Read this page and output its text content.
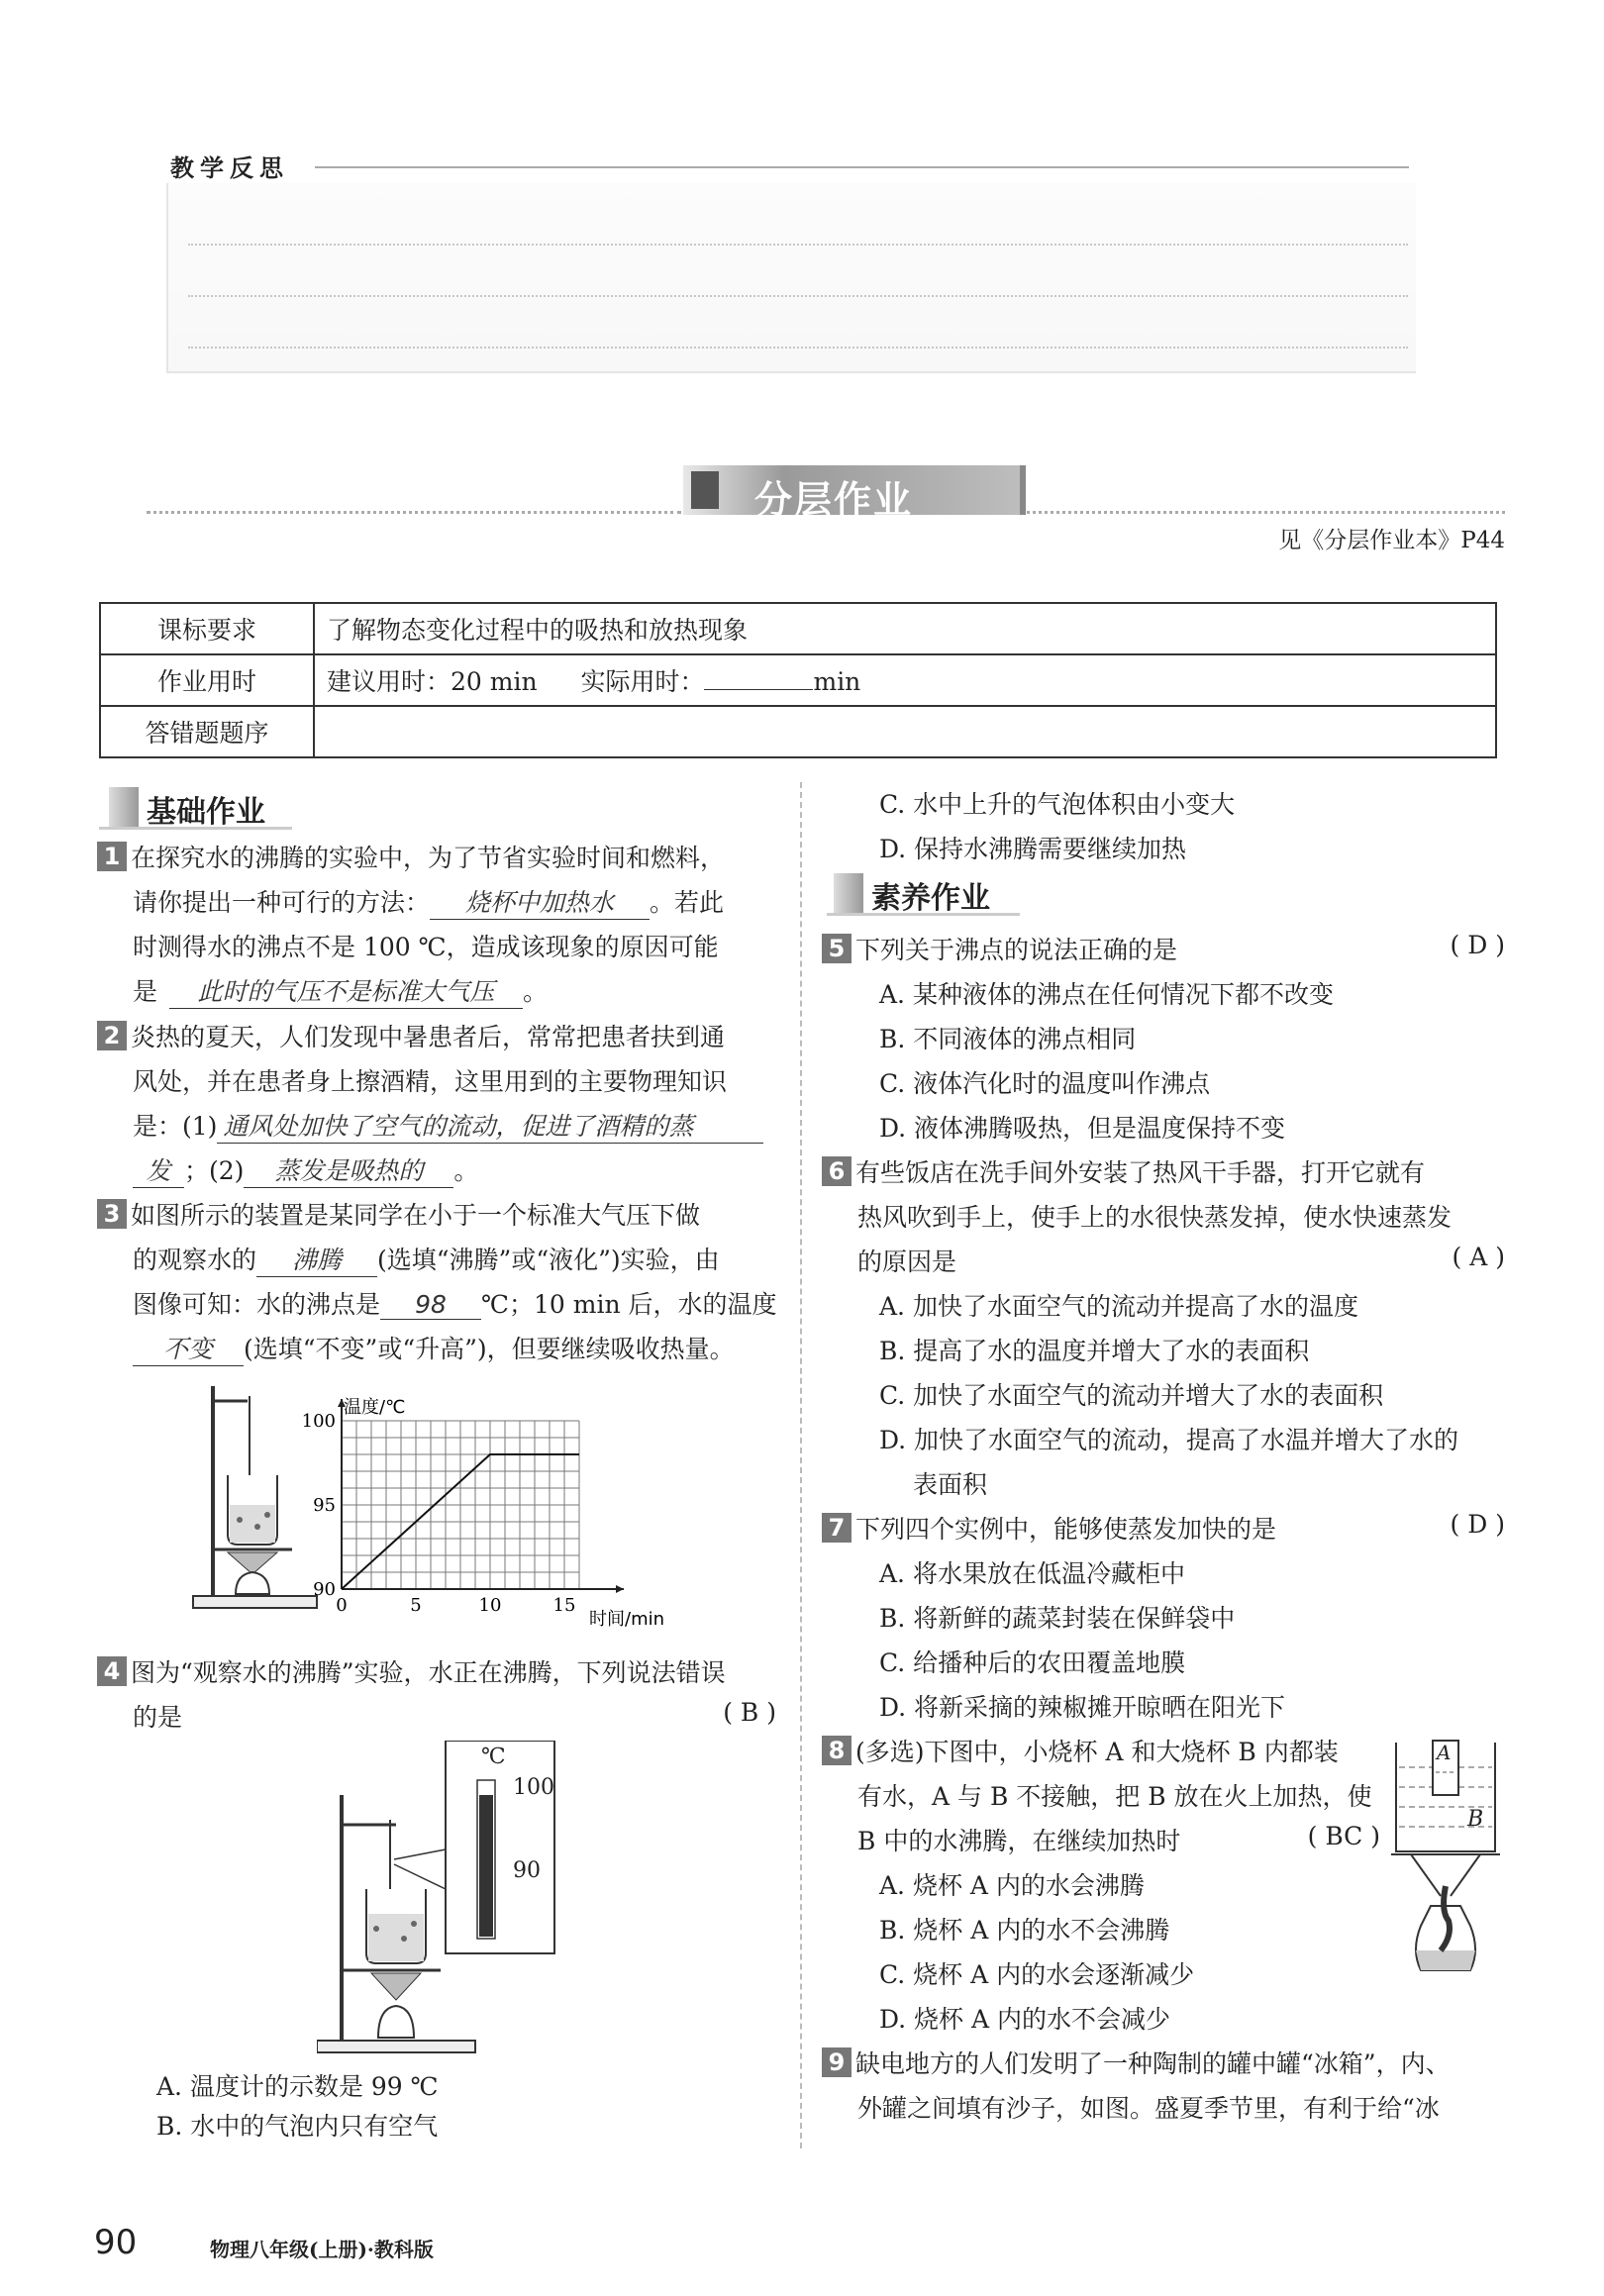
教学反思
分层作业
见《分层作业本》P44
课标要求	了解物态变化过程中的吸热和放热现象
作业用时	建议用时：20 min 实际用时： min
答错题题序	
基础作业
1 在探究水的沸腾的实验中，为了节省实验时间和燃料，
请你提出一种可行的方法： 烧杯中加热水 。若此
时测得水的沸点不是 100 ℃，造成该现象的原因可能
是 此时的气压不是标准大气压 。
2 炎热的夏天，人们发现中暑患者后，常常把患者扶到通
风处，并在患者身上擦酒精，这里用到的主要物理知识
是：(1) 通风处加快了空气的流动，促进了酒精的蒸
发 ；(2) 蒸发是吸热的 。
3 如图所示的装置是某同学在小于一个标准大气压下做
的观察水的 沸腾 (选填“沸腾”或“液化”)实验，由
图像可知：水的沸点是 98 ℃；10 min 后，水的温度
不变 (选填“不变”或“升高”)，但要继续吸收热量。
0	5	10	15
90
95
100
温度/℃
时间/min
4 图为“观察水的沸腾”实验，水正在沸腾，下列说法错误
的是	( B )
℃
100
90
A. 温度计的示数是 99 ℃
B. 水中的气泡内只有空气
C. 水中上升的气泡体积由小变大
D. 保持水沸腾需要继续加热
素养作业
5 下列关于沸点的说法正确的是	( D )
A. 某种液体的沸点在任何情况下都不改变
B. 不同液体的沸点相同
C. 液体汽化时的温度叫作沸点
D. 液体沸腾吸热，但是温度保持不变
6 有些饭店在洗手间外安装了热风干手器，打开它就有
热风吹到手上，使手上的水很快蒸发掉，使水快速蒸发
的原因是	( A )
A. 加快了水面空气的流动并提高了水的温度
B. 提高了水的温度并增大了水的表面积
C. 加快了水面空气的流动并增大了水的表面积
D. 加快了水面空气的流动，提高了水温并增大了水的
表面积
7 下列四个实例中，能够使蒸发加快的是	( D )
A. 将水果放在低温冷藏柜中
B. 将新鲜的蔬菜封装在保鲜袋中
C. 给播种后的农田覆盖地膜
D. 将新采摘的辣椒摊开晾晒在阳光下
8 (多选)下图中，小烧杯 A 和大烧杯 B 内都装
有水，A 与 B 不接触，把 B 放在火上加热，使
B 中的水沸腾，在继续加热时	( BC )
A. 烧杯 A 内的水会沸腾
B. 烧杯 A 内的水不会沸腾
C. 烧杯 A 内的水会逐渐减少
D. 烧杯 A 内的水不会减少
A
B
9 缺电地方的人们发明了一种陶制的罐中罐“冰箱”，内、
外罐之间填有沙子，如图。盛夏季节里，有利于给“冰
90	物理八年级(上册)·教科版
